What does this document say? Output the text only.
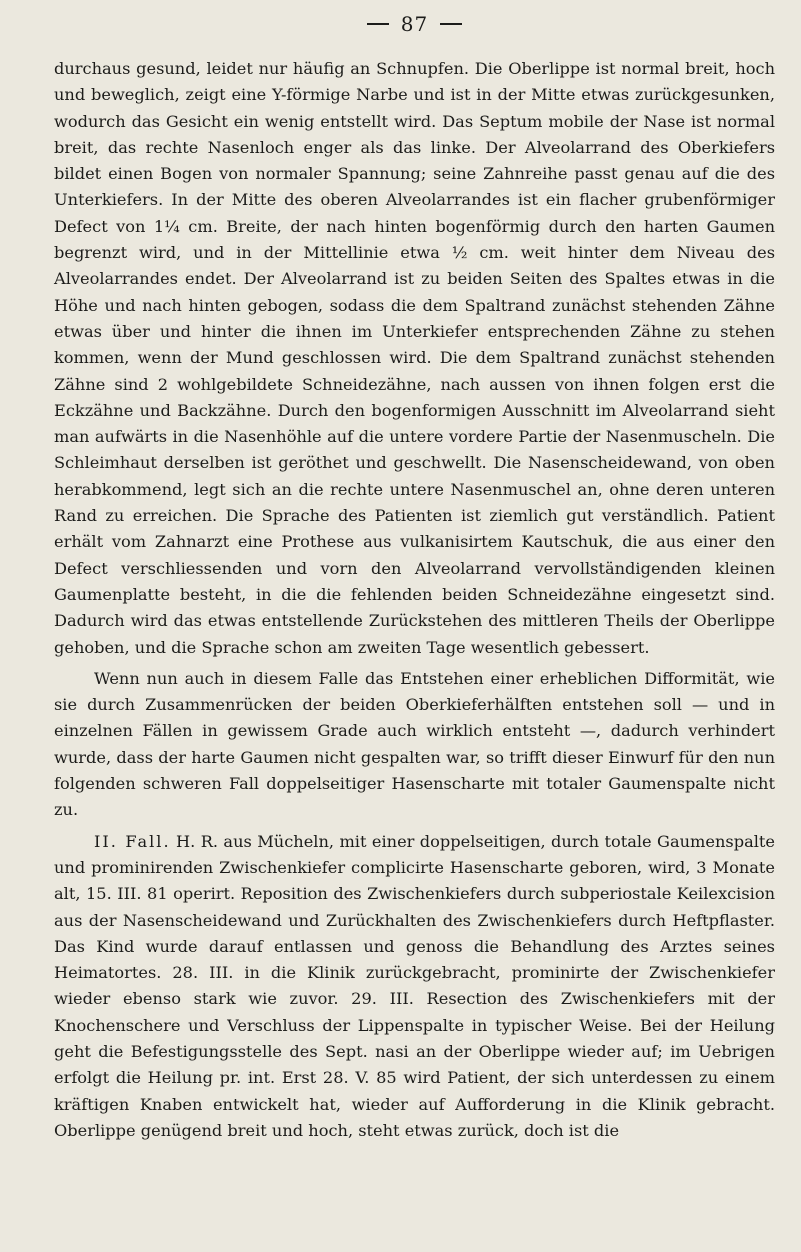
87

durchaus gesund, leidet nur häufig an Schnupfen. Die Oberlippe ist normal breit, hoch und beweglich, zeigt eine Y-förmige Narbe und ist in der Mitte etwas zurückgesunken, wodurch das Gesicht ein wenig entstellt wird. Das Septum mobile der Nase ist normal breit, das rechte Nasenloch enger als das linke. Der Alveolarrand des Oberkiefers bildet einen Bogen von normaler Spannung; seine Zahnreihe passt genau auf die des Unterkiefers. In der Mitte des oberen Alveolarrandes ist ein flacher grubenförmiger Defect von 1¼ cm. Breite, der nach hinten bogenförmig durch den harten Gaumen begrenzt wird, und in der Mittellinie etwa ½ cm. weit hinter dem Niveau des Alveolarrandes endet. Der Alveolarrand ist zu beiden Seiten des Spaltes etwas in die Höhe und nach hinten gebogen, sodass die dem Spaltrand zunächst stehenden Zähne etwas über und hinter die ihnen im Unterkiefer entsprechenden Zähne zu stehen kommen, wenn der Mund geschlossen wird. Die dem Spaltrand zunächst stehenden Zähne sind 2 wohlgebildete Schneidezähne, nach aussen von ihnen folgen erst die Eckzähne und Backzähne. Durch den bogenformigen Ausschnitt im Alveolarrand sieht man aufwärts in die Nasenhöhle auf die untere vordere Partie der Nasenmuscheln. Die Schleimhaut derselben ist geröthet und geschwellt. Die Nasenscheidewand, von oben herabkommend, legt sich an die rechte untere Nasenmuschel an, ohne deren unteren Rand zu erreichen. Die Sprache des Patienten ist ziemlich gut verständlich. Patient erhält vom Zahnarzt eine Prothese aus vulkanisirtem Kautschuk, die aus einer den Defect verschliessenden und vorn den Alveolarrand vervollständigenden kleinen Gaumenplatte besteht, in die die fehlenden beiden Schneidezähne eingesetzt sind. Dadurch wird das etwas entstellende Zurückstehen des mittleren Theils der Oberlippe gehoben, und die Sprache schon am zweiten Tage wesentlich gebessert.

Wenn nun auch in diesem Falle das Entstehen einer erheblichen Difformität, wie sie durch Zusammenrücken der beiden Oberkieferhälften entstehen soll — und in einzelnen Fällen in gewissem Grade auch wirklich entsteht —, dadurch verhindert wurde, dass der harte Gaumen nicht gespalten war, so trifft dieser Einwurf für den nun folgenden schweren Fall doppelseitiger Hasenscharte mit totaler Gaumenspalte nicht zu.

II. Fall. H. R. aus Mücheln, mit einer doppelseitigen, durch totale Gaumenspalte und prominirenden Zwischenkiefer complicirte Hasenscharte geboren, wird, 3 Monate alt, 15. III. 81 operirt. Reposition des Zwischenkiefers durch subperiostale Keilexcision aus der Nasenscheidewand und Zurückhalten des Zwischenkiefers durch Heftpflaster. Das Kind wurde darauf entlassen und genoss die Behandlung des Arztes seines Heimatortes. 28. III. in die Klinik zurückgebracht, prominirte der Zwischenkiefer wieder ebenso stark wie zuvor. 29. III. Resection des Zwischenkiefers mit der Knochenschere und Verschluss der Lippenspalte in typischer Weise. Bei der Heilung geht die Befestigungsstelle des Sept. nasi an der Oberlippe wieder auf; im Uebrigen erfolgt die Heilung pr. int. Erst 28. V. 85 wird Patient, der sich unterdessen zu einem kräftigen Knaben entwickelt hat, wieder auf Aufforderung in die Klinik gebracht. Oberlippe genügend breit und hoch, steht etwas zurück, doch ist die
